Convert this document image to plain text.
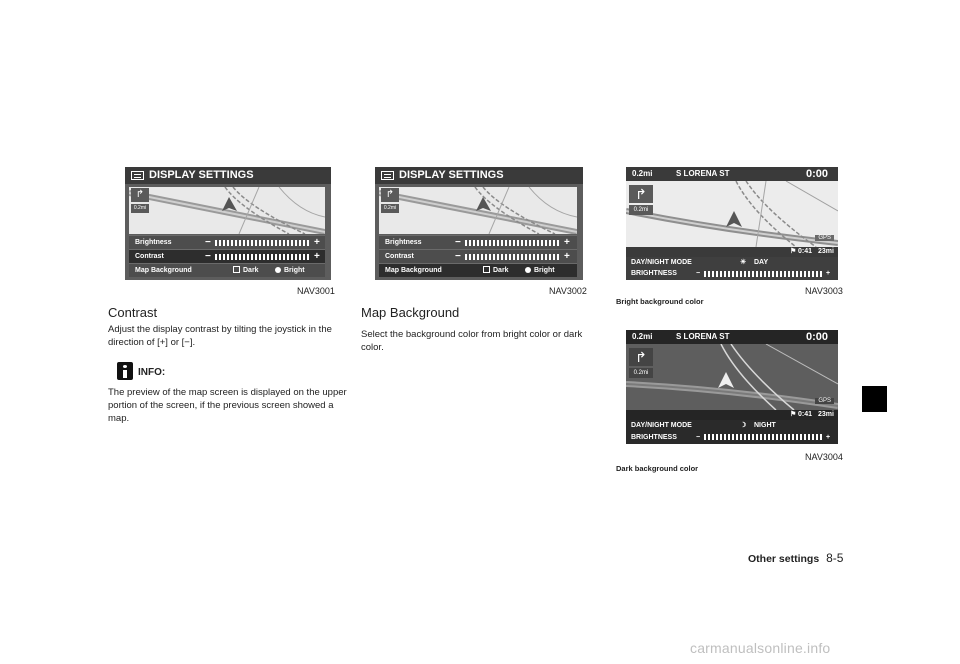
DISPLAY SETTINGS
↱
0.2mi
Brightness	−	+
Contrast	−	+
Map Background	Dark	Bright
NAV3001
DISPLAY SETTINGS
↱
0.2mi
Brightness	−	+
Contrast	−	+
Map Background	Dark	Bright
NAV3002
0.2mi	S LORENA ST	0:00
↱
0.2mi
GPS
⚑ 0:41 23mi
DAY/NIGHT MODE	☀ DAY
BRIGHTNESS	−	+
Bright background color
NAV3003
0.2mi	S LORENA ST	0:00
↱
0.2mi
GPS
⚑ 0:41 23mi
DAY/NIGHT MODE	☽ NIGHT
BRIGHTNESS	−	+
NAV3004
Dark background color
Contrast
Adjust the display contrast by tilting the joystick in the direction of [+] or [−].
INFO:
The preview of the map screen is displayed on the upper portion of the screen, if the previous screen showed a map.
Map Background
Select the background color from bright color or dark color.
Other settings 8-5
carmanualsonline.info
